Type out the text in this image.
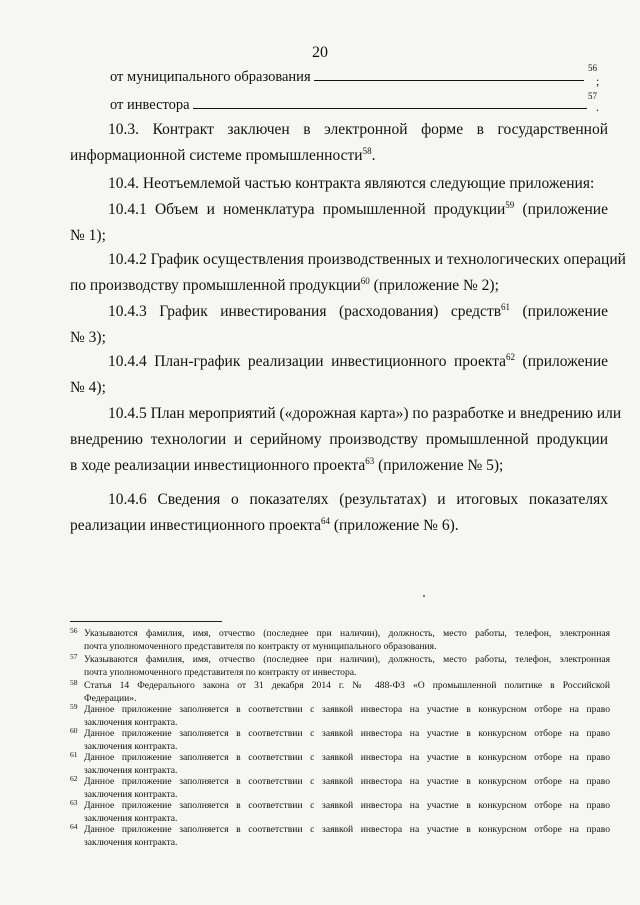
20
от муниципального образования
56
;
от инвестора
57
.
10.3. Контракт заключен в электронной форме в государственной
информационной системе промышленности$^{58}$.
10.4. Неотъемлемой частью контракта являются следующие приложения:
10.4.1 Объем и номенклатура промышленной продукции$^{59}$ (приложение
№ 1);
10.4.2 График осуществления производственных и технологических операций
по производству промышленной продукции$^{60}$ (приложение № 2);
10.4.3 График инвестирования (расходования) средств$^{61}$ (приложение
№ 3);
10.4.4 План-график реализации инвестиционного проекта$^{62}$ (приложение
№ 4);
10.4.5 План мероприятий («дорожная карта») по разработке и внедрению или
внедрению технологии и серийному производству промышленной продукции
в ходе реализации инвестиционного проекта$^{63}$ (приложение № 5);
10.4.6 Сведения о показателях (результатах) и итоговых показателях
реализации инвестиционного проекта$^{64}$ (приложение № 6).
56 Указываются фамилия, имя, отчество (последнее при наличии), должность, место работы, телефон, электронная
почта уполномоченного представителя по контракту от муниципального образования.
57 Указываются фамилия, имя, отчество (последнее при наличии), должность, место работы, телефон, электронная
почта уполномоченного представителя по контракту от инвестора.
58 Статья 14 Федерального закона от 31 декабря 2014 г. № 488-ФЗ «О промышленной политике в Российской
Федерации».
59 Данное приложение заполняется в соответствии с заявкой инвестора на участие в конкурсном отборе на право
заключения контракта.
60 Данное приложение заполняется в соответствии с заявкой инвестора на участие в конкурсном отборе на право
заключения контракта.
61 Данное приложение заполняется в соответствии с заявкой инвестора на участие в конкурсном отборе на право
заключения контракта.
62 Данное приложение заполняется в соответствии с заявкой инвестора на участие в конкурсном отборе на право
заключения контракта.
63 Данное приложение заполняется в соответствии с заявкой инвестора на участие в конкурсном отборе на право
заключения контракта.
64 Данное приложение заполняется в соответствии с заявкой инвестора на участие в конкурсном отборе на право
заключения контракта.
